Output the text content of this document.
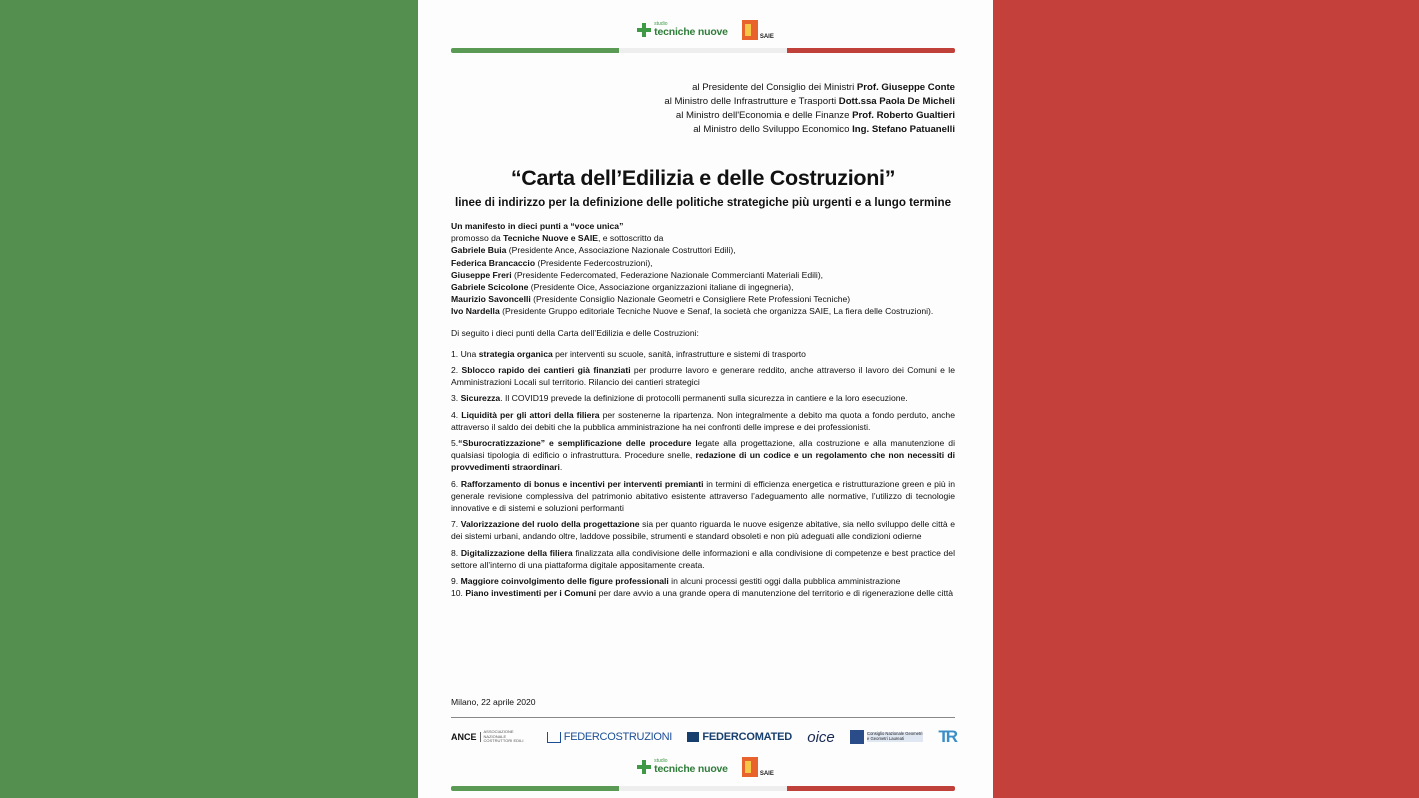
studio
tecniche nuove	SAIE
al Presidente del Consiglio dei Ministri Prof. Giuseppe Conte
al Ministro delle Infrastrutture e Trasporti Dott.ssa Paola De Micheli
al Ministro dell'Economia e delle Finanze Prof. Roberto Gualtieri
al Ministro dello Sviluppo Economico Ing. Stefano Patuanelli
“Carta dell’Edilizia e delle Costruzioni”
linee di indirizzo per la definizione delle politiche strategiche più urgenti e a lungo termine

Un manifesto in dieci punti a “voce unica”

promosso da Tecniche Nuove e SAIE, e sottoscritto da

Gabriele Buia (Presidente Ance, Associazione Nazionale Costruttori Edili),

Federica Brancaccio (Presidente Federcostruzioni),

Giuseppe Freri (Presidente Federcomated, Federazione Nazionale Commercianti Materiali Edili),

Gabriele Scicolone (Presidente Oice, Associazione organizzazioni italiane di ingegneria),

Maurizio Savoncelli (Presidente Consiglio Nazionale Geometri e Consigliere Rete Professioni Tecniche)

Ivo Nardella (Presidente Gruppo editoriale Tecniche Nuove e Senaf, la società che organizza SAIE, La fiera delle Costruzioni).

Di seguito i dieci punti della Carta dell’Edilizia e delle Costruzioni:

1. Una strategia organica per interventi su scuole, sanità, infrastrutture e sistemi di trasporto

2. Sblocco rapido dei cantieri già finanziati per produrre lavoro e generare reddito, anche attraverso il lavoro dei Comuni e le Amministrazioni Locali sul territorio. Rilancio dei cantieri strategici

3. Sicurezza. Il COVID19 prevede la definizione di protocolli permanenti sulla sicurezza in cantiere e la loro esecuzione.

4. Liquidità per gli attori della filiera per sostenerne la ripartenza. Non integralmente a debito ma quota a fondo perduto, anche attraverso il saldo dei debiti che la pubblica amministrazione ha nei confronti delle imprese e dei professionisti.

5.“Sburocratizzazione” e semplificazione delle procedure legate alla progettazione, alla costruzione e alla manutenzione di qualsiasi tipologia di edificio o infrastruttura. Procedure snelle, redazione di un codice e un regolamento che non necessiti di provvedimenti straordinari.

6. Rafforzamento di bonus e incentivi per interventi premianti in termini di efficienza energetica e ristrutturazione green e più in generale revisione complessiva del patrimonio abitativo esistente attraverso l’adeguamento alle normative, l’utilizzo di tecnologie innovative e di sistemi e soluzioni performanti

7. Valorizzazione del ruolo della progettazione sia per quanto riguarda le nuove esigenze abitative, sia nello sviluppo delle città e dei sistemi urbani, andando oltre, laddove possibile, strumenti e standard obsoleti e non più adeguati alle condizioni odierne

8. Digitalizzazione della filiera finalizzata alla condivisione delle informazioni e alla condivisione di competenze e best practice del settore all’interno di una piattaforma digitale appositamente creata.

9. Maggiore coinvolgimento delle figure professionali in alcuni processi gestiti oggi dalla pubblica amministrazione

10. Piano investimenti per i Comuni per dare avvio a una grande opera di manutenzione del territorio e di rigenerazione delle città

Milano, 22 aprile 2020
ANCE
ASSOCIAZIONE NAZIONALE COSTRUTTORI EDILI	FEDERCOSTRUZIONI	FEDERCOMATED oice	Consiglio Nazionale Geometri e Geometri Laureati	TR
studio
tecniche nuove	SAIE
